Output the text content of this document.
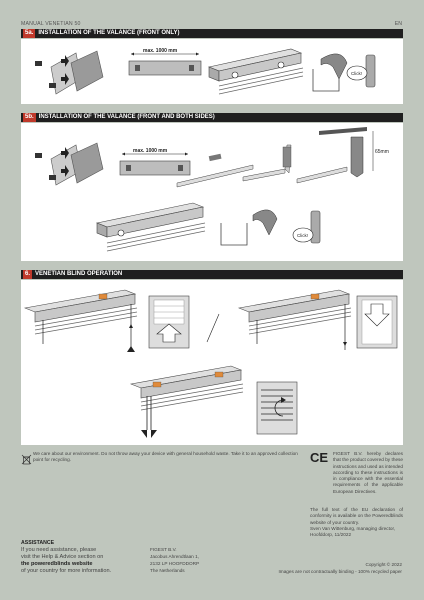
MANUAL VENETIAN 50	EN
5a. INSTALLATION OF THE VALANCE (FRONT ONLY)
max. 1000 mm
Click!
5b. INSTALLATION OF THE VALANCE (FRONT AND BOTH SIDES)
max. 1000 mm	65mm
Click!
6. VENETIAN BLIND OPERATION
We care about our environment. Do not throw away your device with general household waste. Take it to an approved collection point for recycling.	CE	FIGEST B.V. hereby declares that the product covered by these instructions and used as intended according to these instructions is in compliance with the essential requirements of the applicable European Directives.
The full text of the EU declaration of conformity is available on the Poweredblinds website of your country.
Sven Van Wittenburg, managing director,
Hoofddorp, 11/2022
ASSISTANCE
If you need assistance, please
visit the Help & Advice section on
the poweredblinds website
of your country for more information.
FIGEST B.V.
Jacobus Ahrendtlaan 1,
2132 LP HOOFDDORP
The Netherlands
Copyright © 2022
Images are not contractually binding - 100% recycled paper
